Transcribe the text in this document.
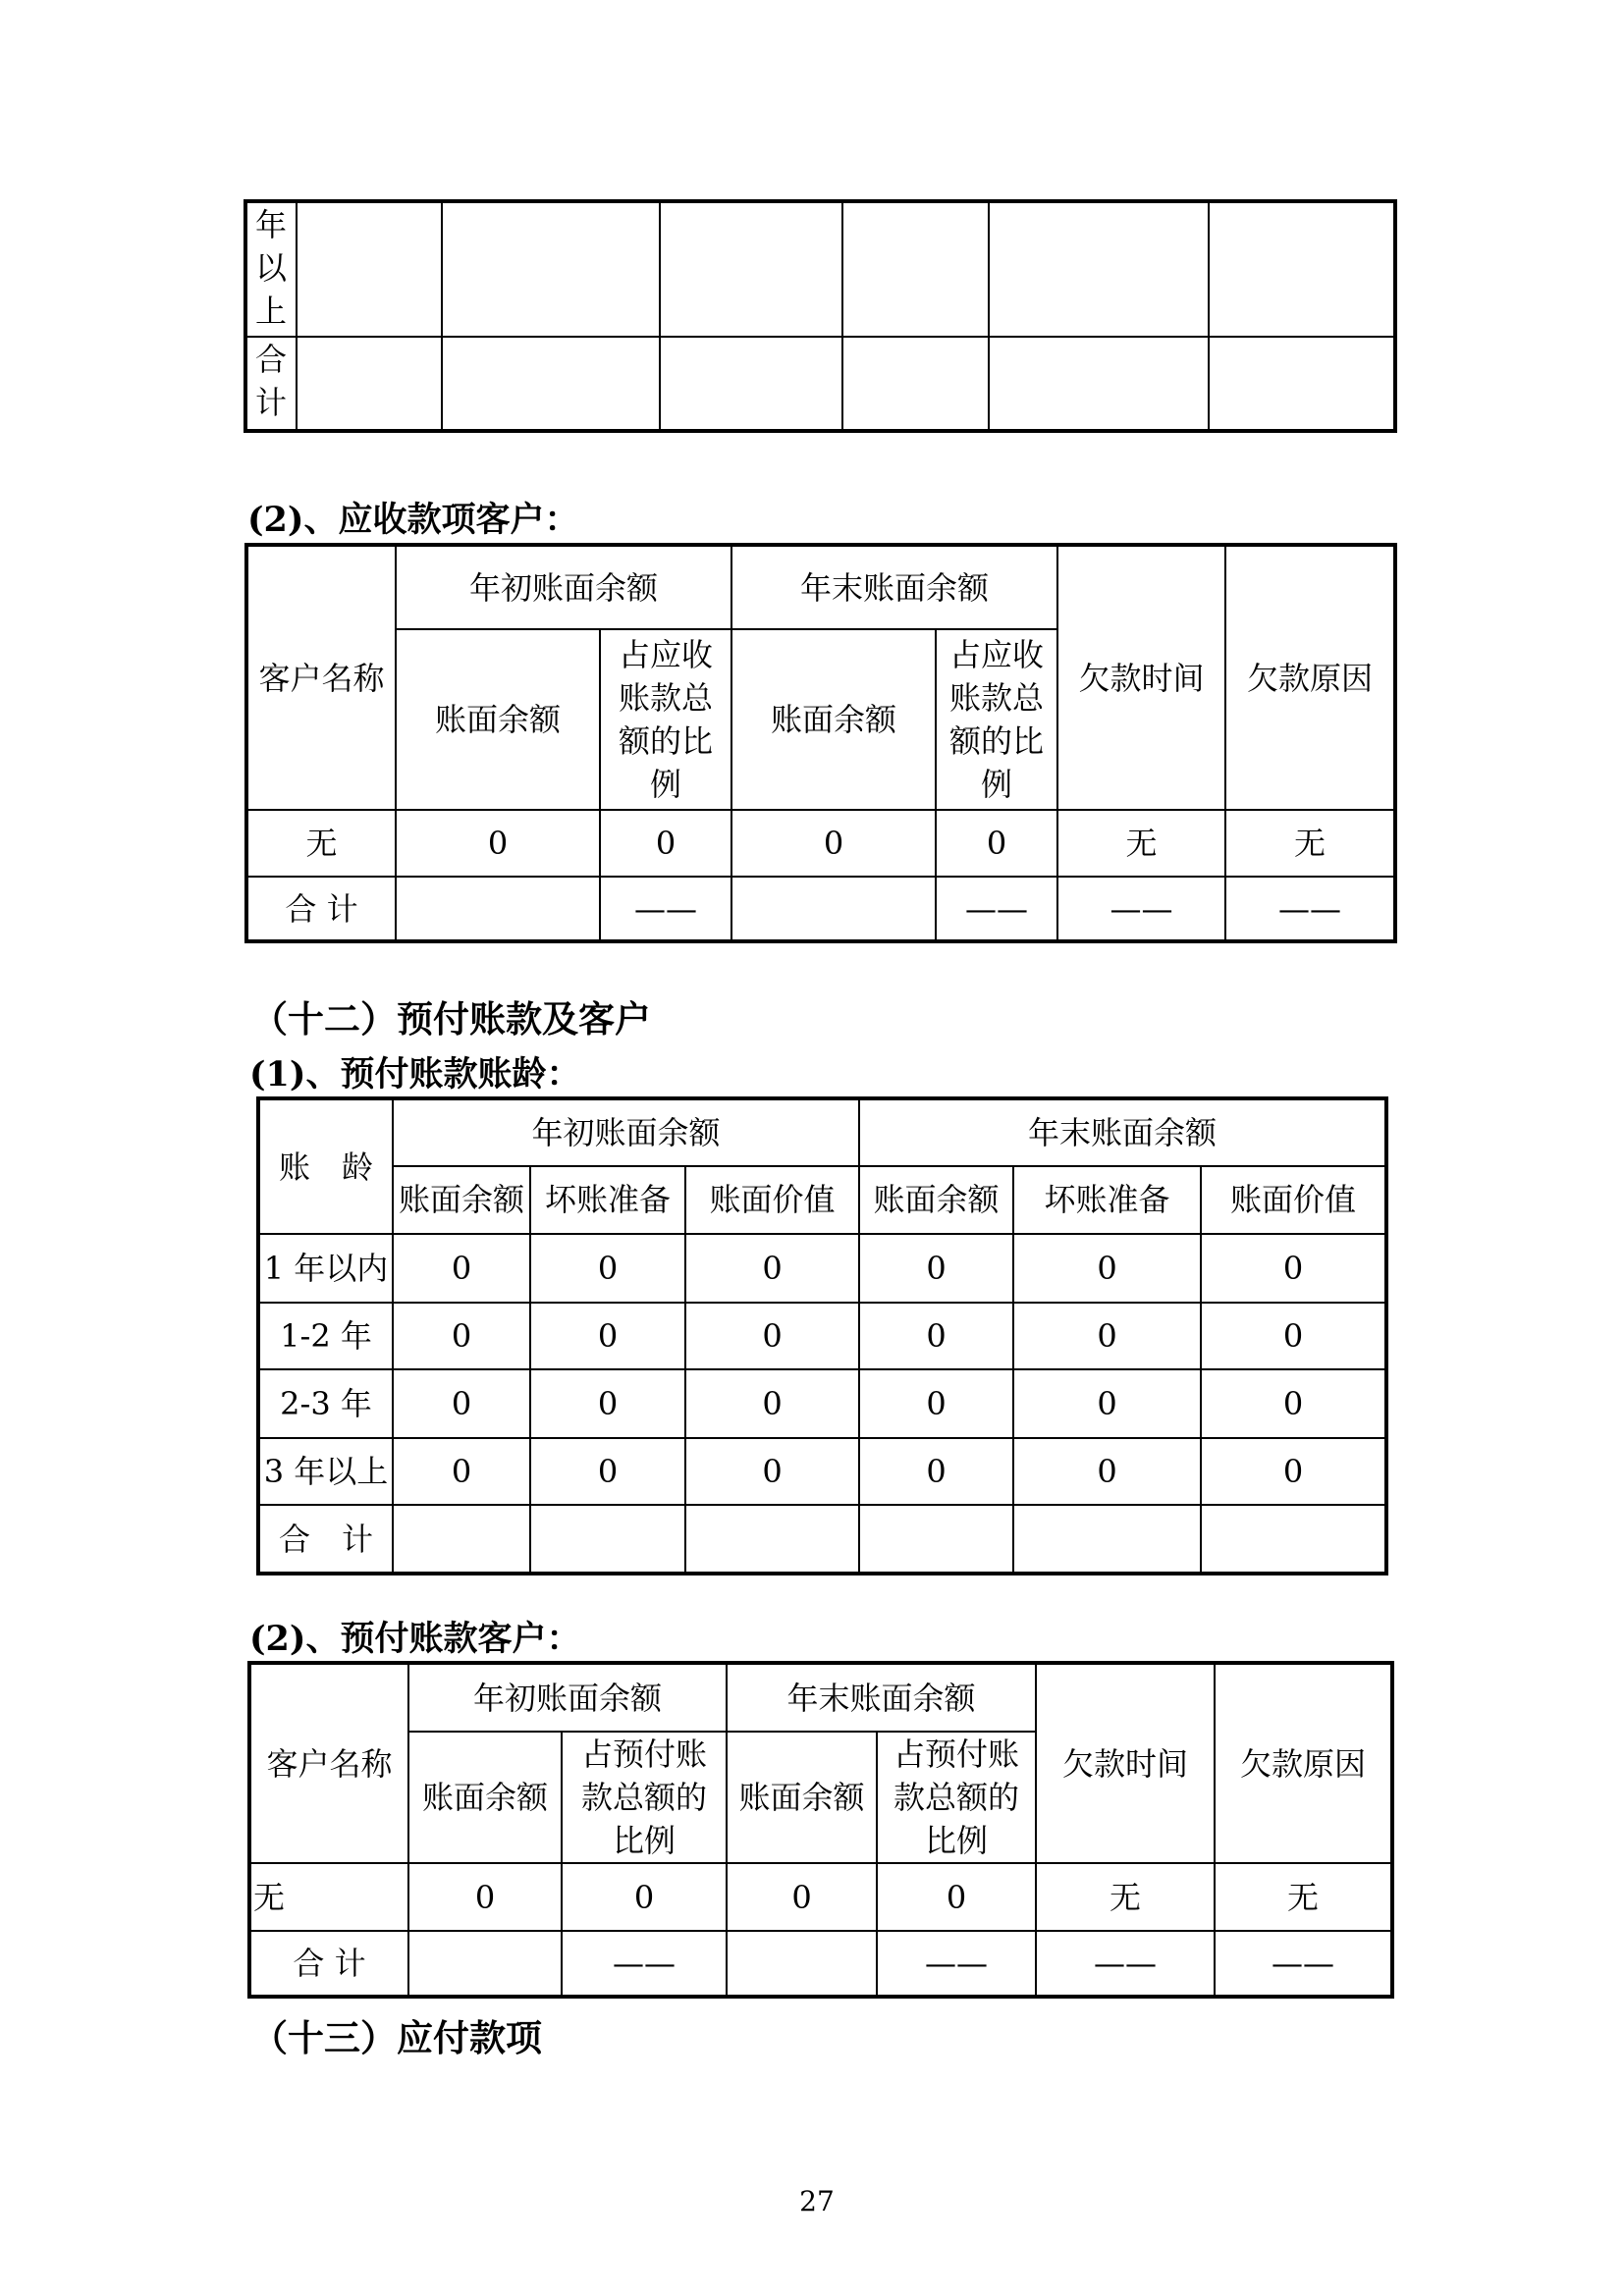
年以上						
合计						
(2)、应收款项客户：
客户名称	年初账面余额		年末账面余额		欠款时间	欠款原因
	账面余额	占应收账款总额的比例	账面余额	占应收账款总额的比例		
无	0	0	0	0	无	无
合 计		——		——	——	——
（十二）预付账款及客户
(1)、预付账款账龄：
账　龄	年初账面余额			年末账面余额		
	账面余额	坏账准备	账面价值	账面余额	坏账准备	账面价值
1 年以内	0	0	0	0	0	0
1-2 年	0	0	0	0	0	0
2-3 年	0	0	0	0	0	0
3 年以上	0	0	0	0	0	0
合　计						
(2)、预付账款客户：
客户名称	年初账面余额		年末账面余额		欠款时间	欠款原因
	账面余额	占预付账款总额的比例	账面余额	占预付账款总额的比例		
无	0	0	0	0	无	无
合 计		——		——	——	——
（十三）应付款项
27
